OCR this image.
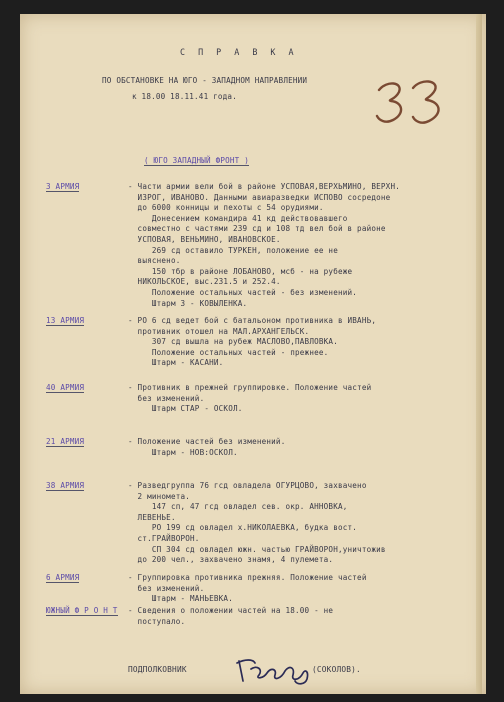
С П Р А В К А
ПО ОБСТАНОВКЕ НА ЮГО - ЗАПАДНОМ НАПРАВЛЕНИИ
к 18.00 18.11.41 года.
( ЮГО ЗАПАДНЫЙ ФРОНТ )
3 АРМИЯ	- Части армии вели бой в районе УСПОВАЯ,ВЕРХЬМИНО, ВЕРХН.
ИЗРОГ, ИВАНОВО. Данными авиаразведки ИСПОВО сосредоне
до 6000 конницы и пехоты с 54 орудиями.
Донесением командира 41 кд действовавшего
совместно с частями 239 сд и 108 тд вел бой в районе
УСПОВАЯ, ВЕНЬМИНО, ИВАНОВСКОЕ.
269 сд оставило ТУРКЕН, положение ее не
выяснено.
150 тбр в районе ЛОБАНОВО, мсб - на рубеже
НИКОЛЬСКОЕ, выс.231.5 и 252.4.
Положение остальных частей - без изменений.
Штарм 3 - КОВЫЛЕНКА.
13 АРМИЯ	- РО 6 сд ведет бой с батальоном противника в ИВАНЬ,
противник отошел на МАЛ.АРХАНГЕЛЬСК.
307 сд вышла на рубеж МАСЛОВО,ПАВЛОВКА.
Положение остальных частей - прежнее.
Штарм - КАСАНИ.
40 АРМИЯ	- Противник в прежней группировке. Положение частей
без изменений.
Штарм СТАР - ОСКОЛ.
21 АРМИЯ	- Положение частей без изменений.
Штарм - НОВ:ОСКОЛ.
38 АРМИЯ	- Разведгруппа 76 гсд овладела ОГУРЦОВО, захвачено
2 миномета.
147 сп, 47 гсд овладел сев. окр. АННОВКА,
ЛЕВЕНЬЕ.
РО 199 сд овладел х.НИКОЛАЕВКА, будка вост.
ст.ГРАЙВОРОН.
СП 304 сд овладел южн. частью ГРАЙВОРОН,уничтожив
до 200 чел., захвачено знамя, 4 пулемета.
6 АРМИЯ	- Группировка противника прежняя. Положение частей
без изменений.
Штарм - МАНЬЕВКА.
ЮЖНЫЙ Ф Р О Н Т - Сведения о положении частей на 18.00 - не
поступало.
ПОДПОЛКОВНИК	(СОКОЛОВ).
